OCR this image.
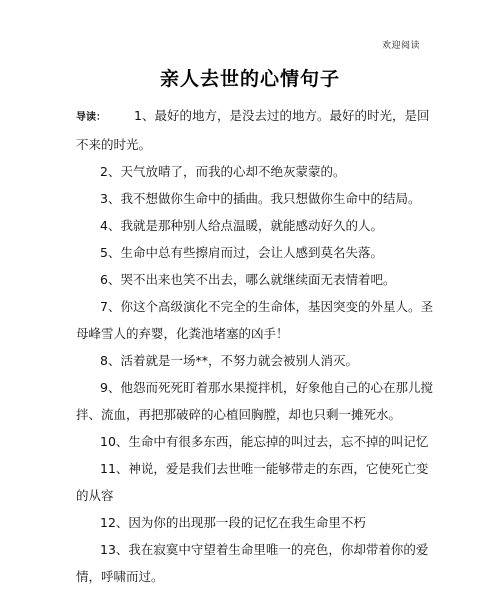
欢迎阅读
亲人去世的心情句子

导读： 1、最好的地方，是没去过的地方。最好的时光，是回不来的时光。

2、天气放晴了，而我的心却不绝灰蒙蒙的。

3、我不想做你生命中的插曲。我只想做你生命中的结局。

4、我就是那种别人给点温暖，就能感动好久的人。

5、生命中总有些擦肩而过，会让人感到莫名失落。

6、哭不出来也笑不出去，哪么就继续面无表情着吧。

7、你这个高级演化不完全的生命体，基因突变的外星人。圣母峰雪人的弃婴，化粪池堵塞的凶手！

8、活着就是一场**，不努力就会被别人消灭。

9、他怨而死死盯着那水果搅拌机，好象他自己的心在那儿搅拌、流血，再把那破碎的心植回胸膛，却也只剩一摊死水。

10、生命中有很多东西，能忘掉的叫过去，忘不掉的叫记忆

11、神说，爱是我们去世唯一能够带走的东西，它使死亡变的从容

12、因为你的出现那一段的记忆在我生命里不朽

13、我在寂寞中守望着生命里唯一的亮色，你却带着你的爱情，呼啸而过。
